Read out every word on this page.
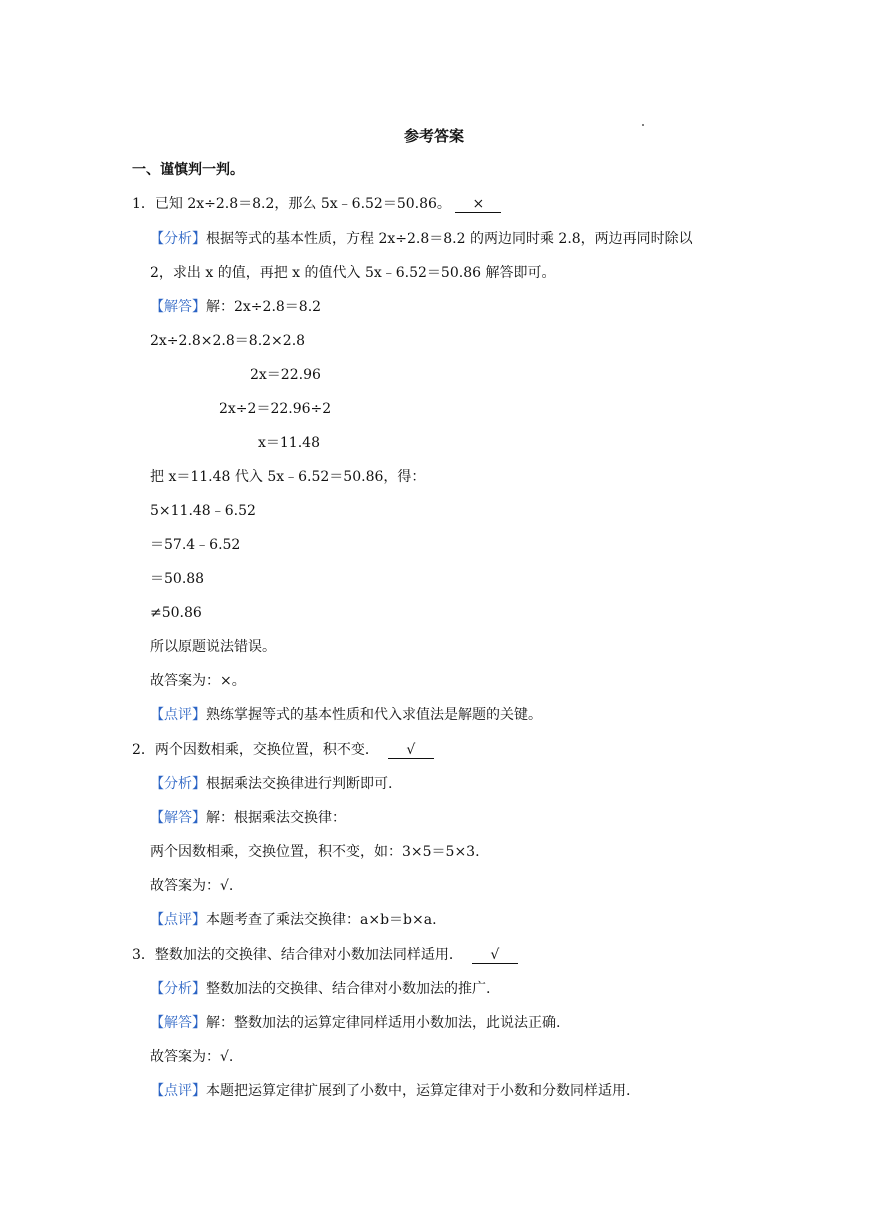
参考答案
一、谨慎判一判。
1．已知 2x÷2.8＝8.2，那么 5x﹣6.52＝50.86。 ×
【分析】根据等式的基本性质，方程 2x÷2.8＝8.2 的两边同时乘 2.8，两边再同时除以
2，求出 x 的值，再把 x 的值代入 5x﹣6.52＝50.86 解答即可。
【解答】解：2x÷2.8＝8.2
2x÷2.8×2.8＝8.2×2.8
2x＝22.96
2x÷2＝22.96÷2
x＝11.48
把 x＝11.48 代入 5x﹣6.52＝50.86，得：
5×11.48﹣6.52
＝57.4﹣6.52
＝50.88
≠50.86
所以原题说法错误。
故答案为：×。
【点评】熟练掌握等式的基本性质和代入求值法是解题的关键。
2．两个因数相乘，交换位置，积不变． √
【分析】根据乘法交换律进行判断即可.
【解答】解：根据乘法交换律：
两个因数相乘，交换位置，积不变，如：3×5＝5×3.
故答案为：√.
【点评】本题考查了乘法交换律：a×b＝b×a.
3．整数加法的交换律、结合律对小数加法同样适用． √
【分析】整数加法的交换律、结合律对小数加法的推广.
【解答】解：整数加法的运算定律同样适用小数加法，此说法正确.
故答案为：√.
【点评】本题把运算定律扩展到了小数中，运算定律对于小数和分数同样适用.
